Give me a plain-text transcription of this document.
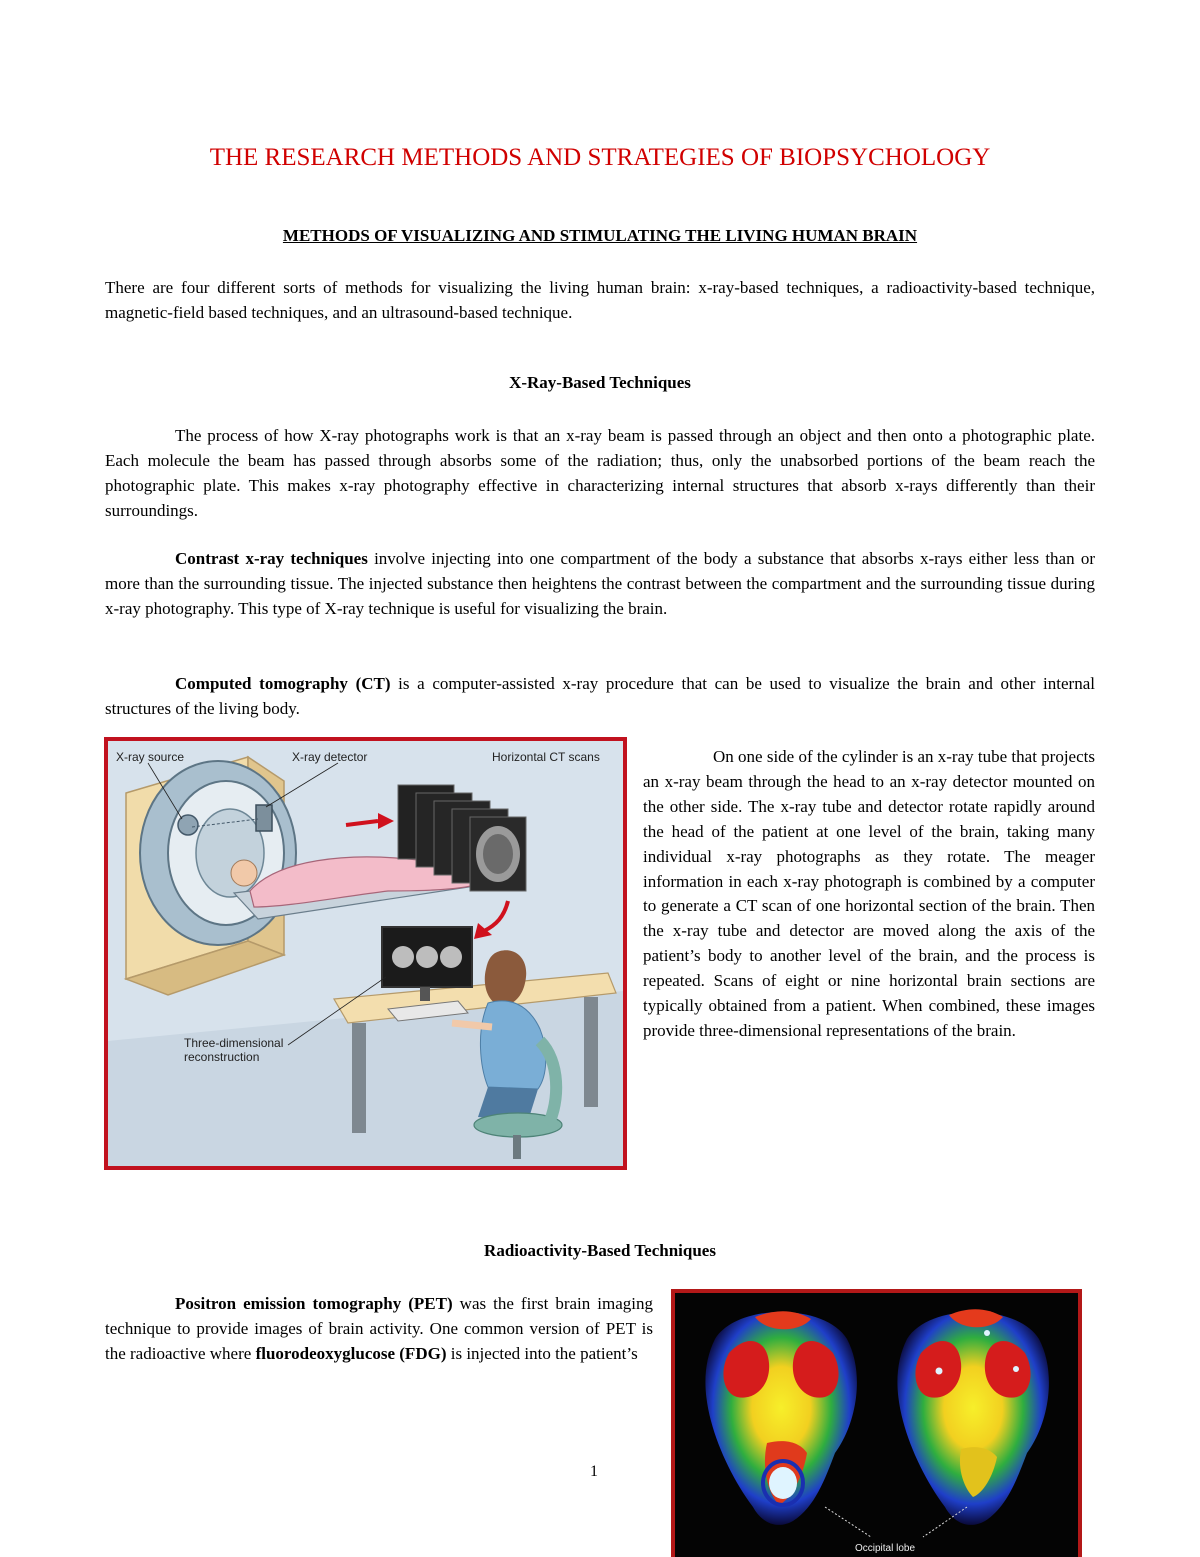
THE RESEARCH METHODS AND STRATEGIES OF BIOPSYCHOLOGY
METHODS OF VISUALIZING AND STIMULATING THE LIVING HUMAN BRAIN

There are four different sorts of methods for visualizing the living human brain: x-ray-based techniques, a radioactivity-based technique, magnetic-field based techniques, and an ultrasound-based technique.

X-Ray-Based Techniques

The process of how X-ray photographs work is that an x-ray beam is passed through an object and then onto a photographic plate. Each molecule the beam has passed through absorbs some of the radiation; thus, only the unabsorbed portions of the beam reach the photographic plate. This makes x-ray photography effective in characterizing internal structures that absorb x-rays differently than their surroundings.

Contrast x-ray techniques involve injecting into one compartment of the body a substance that absorbs x-rays either less than or more than the surrounding tissue. The injected substance then heightens the contrast between the compartment and the surrounding tissue during x-ray photography. This type of X-ray technique is useful for visualizing the brain.

Computed tomography (CT) is a computer-assisted x-ray procedure that can be used to visualize the brain and other internal structures of the living body.

X-ray source	X-ray detector	Horizontal CT scans
Three-dimensional
reconstruction

On one side of the cylinder is an x-ray tube that projects an x-ray beam through the head to an x-ray detector mounted on the other side. The x-ray tube and detector rotate rapidly around the head of the patient at one level of the brain, taking many individual x-ray photographs as they rotate. The meager information in each x-ray photograph is combined by a computer to generate a CT scan of one horizontal section of the brain. Then the x-ray tube and detector are moved along the axis of the patient’s body to another level of the brain, and the process is repeated. Scans of eight or nine horizontal brain sections are typically obtained from a patient. When combined, these images provide three-dimensional representations of the brain.

Radioactivity-Based Techniques

Positron emission tomography (PET) was the first brain imaging technique to provide images of brain activity. One common version of PET is the radioactive where fluorodeoxyglucose (FDG) is injected into the patient’s

Occipital lobe

1
